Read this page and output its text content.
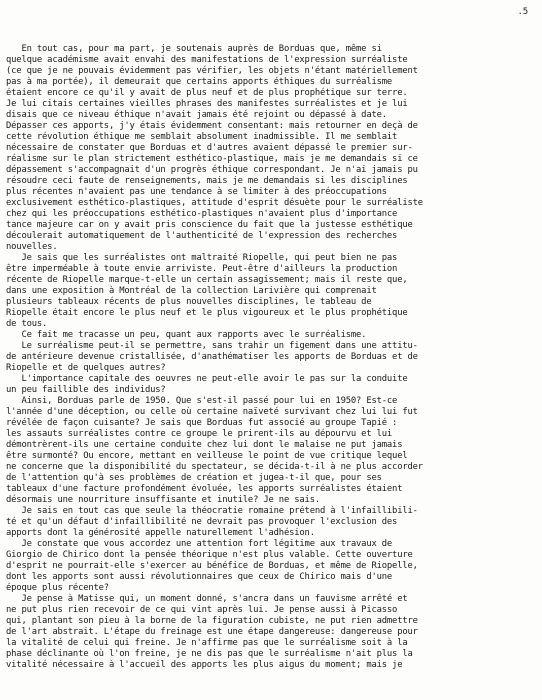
.5
En tout cas, pour ma part, je soutenais auprès de Borduas que, même si
quelque académisme avait envahi des manifestations de l'expression surréaliste
(ce que je ne pouvais évidemment pas vérifier, les objets n'étant matériellement
pas à ma portée), il demeurait que certains apports éthiques du surréalisme
étaient encore ce qu'il y avait de plus neuf et de plus prophétique sur terre.
Je lui citais certaines vieilles phrases des manifestes surréalistes et je lui
disais que ce niveau éthique n'avait jamais été rejoint ou dépassé à date.
Dépasser ces apports, j'y étais évidemment consentant: mais retourner en deçà de
cette révolution éthique me semblait absolument inadmissible. Il me semblait
nécessaire de constater que Borduas et d'autres avaient dépassé le premier sur-
réalisme sur le plan strictement esthético-plastique, mais je me demandais si ce
dépassement s'accompagnait d'un progrès éthique correspondant. Je n'ai jamais pu
résoudre ceci faute de renseignements, mais je me demandais si les disciplines
plus récentes n'avaient pas une tendance à se limiter à des préoccupations
exclusivement esthético-plastiques, attitude d'esprit désuète pour le surréaliste
chez qui les préoccupations esthético-plastiques n'avaient plus d'importance
tance majeure car on y avait pris conscience du fait que la justesse esthétique
découlerait automatiquement de l'authenticité de l'expression des recherches
nouvelles.
Je sais que les surréalistes ont maltraité Riopelle, qui peut bien ne pas
être imperméable à toute envie arriviste. Peut-être d'ailleurs la production
récente de Riopelle marque-t-elle un certain assagissement; mais il reste que,
dans une exposition à Montréal de la collection Larivière qui comprenait
plusieurs tableaux récents de plus nouvelles disciplines, le tableau de
Riopelle était encore le plus neuf et le plus vigoureux et le plus prophétique
de tous.
Ce fait me tracasse un peu, quant aux rapports avec le surréalisme.
Le surréalisme peut-il se permettre, sans trahir un figement dans une attitu-
de antérieure devenue cristallisée, d'anathématiser les apports de Borduas et de
Riopelle et de quelques autres?
L'importance capitale des oeuvres ne peut-elle avoir le pas sur la conduite
un peu faillible des individus?
Ainsi, Borduas parle de 1950. Que s'est-il passé pour lui en 1950? Est-ce
l'année d'une déception, ou celle où certaine naïveté survivant chez lui lui fut
révélée de façon cuisante? Je sais que Borduas fut associé au groupe Tapié :
les assauts surréalistes contre ce groupe le prirent-ils au dépourvu et lui
démontrèrent-ils une certaine conduite chez lui dont le malaise ne put jamais
être surmonté? Ou encore, mettant en veilleuse le point de vue critique lequel
ne concerne que la disponibilité du spectateur, se décida-t-il à ne plus accorder
de l'attention qu'à ses problèmes de création et jugea-t-il que, pour ses
tableaux d'une facture profondément évoluée, les apports surréalistes étaient
désormais une nourriture insuffisante et inutile? Je ne sais.
Je sais en tout cas que seule la théocratie romaine prétend à l'infaillibili-
té et qu'un défaut d'infaillibilité ne devrait pas provoquer l'exclusion des
apports dont la générosité appelle naturellement l'adhésion.
Je constate que vous accordez une attention fort légitime aux travaux de
Giorgio de Chirico dont la pensée théorique n'est plus valable. Cette ouverture
d'esprit ne pourrait-elle s'exercer au bénéfice de Borduas, et même de Riopelle,
dont les apports sont aussi révolutionnaires que ceux de Chirico mais d'une
époque plus récente?
Je pense à Matisse qui, un moment donné, s'ancra dans un fauvisme arrêté et
ne put plus rien recevoir de ce qui vint après lui. Je pense aussi à Picasso
qui, plantant son pieu à la borne de la figuration cubiste, ne put rien admettre
de l'art abstrait. L'étape du freinage est une étape dangereuse: dangereuse pour
la vitalité de celui qui freine. Je n'affirme pas que le surréalisme soit à la
phase déclinante où l'on freine, je ne dis pas que le surréalisme n'ait plus la
vitalité nécessaire à l'accueil des apports les plus aigus du moment; mais je
